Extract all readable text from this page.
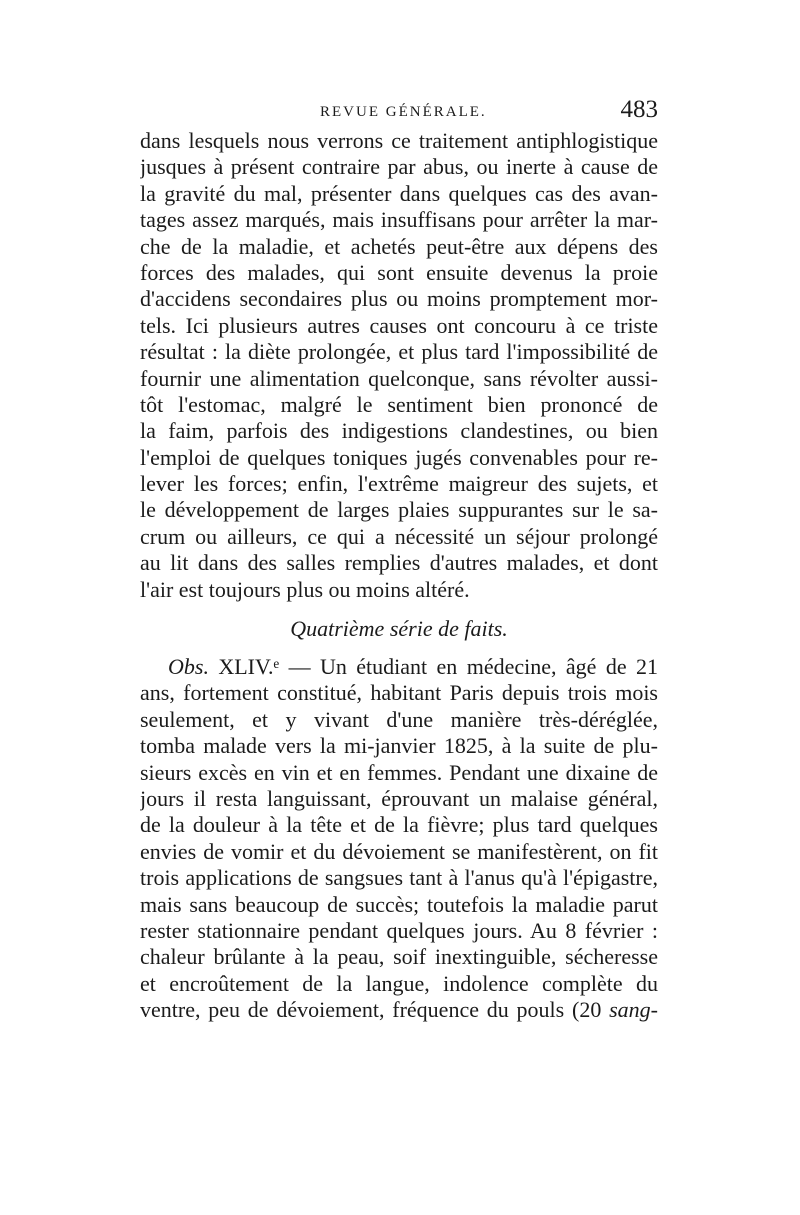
REVUE GÉNÉRALE.	483
dans lesquels nous verrons ce traitement antiphlogistique
jusques à présent contraire par abus, ou inerte à cause de
la gravité du mal, présenter dans quelques cas des avan-
tages assez marqués, mais insuffisans pour arrêter la mar-
che de la maladie, et achetés peut-être aux dépens des
forces des malades, qui sont ensuite devenus la proie
d'accidens secondaires plus ou moins promptement mor-
tels. Ici plusieurs autres causes ont concouru à ce triste
résultat : la diète prolongée, et plus tard l'impossibilité de
fournir une alimentation quelconque, sans révolter aussi-
tôt l'estomac, malgré le sentiment bien prononcé de
la faim, parfois des indigestions clandestines, ou bien
l'emploi de quelques toniques jugés convenables pour re-
lever les forces; enfin, l'extrême maigreur des sujets, et
le développement de larges plaies suppurantes sur le sa-
crum ou ailleurs, ce qui a nécessité un séjour prolongé
au lit dans des salles remplies d'autres malades, et dont
l'air est toujours plus ou moins altéré.
Quatrième série de faits.
Obs. XLIV.ᵉ — Un étudiant en médecine, âgé de 21
ans, fortement constitué, habitant Paris depuis trois mois
seulement, et y vivant d'une manière très-déréglée,
tomba malade vers la mi-janvier 1825, à la suite de plu-
sieurs excès en vin et en femmes. Pendant une dixaine de
jours il resta languissant, éprouvant un malaise général,
de la douleur à la tête et de la fièvre; plus tard quelques
envies de vomir et du dévoiement se manifestèrent, on fit
trois applications de sangsues tant à l'anus qu'à l'épigastre,
mais sans beaucoup de succès; toutefois la maladie parut
rester stationnaire pendant quelques jours. Au 8 février :
chaleur brûlante à la peau, soif inextinguible, sécheresse
et encroûtement de la langue, indolence complète du
ventre, peu de dévoiement, fréquence du pouls (20 sang-
